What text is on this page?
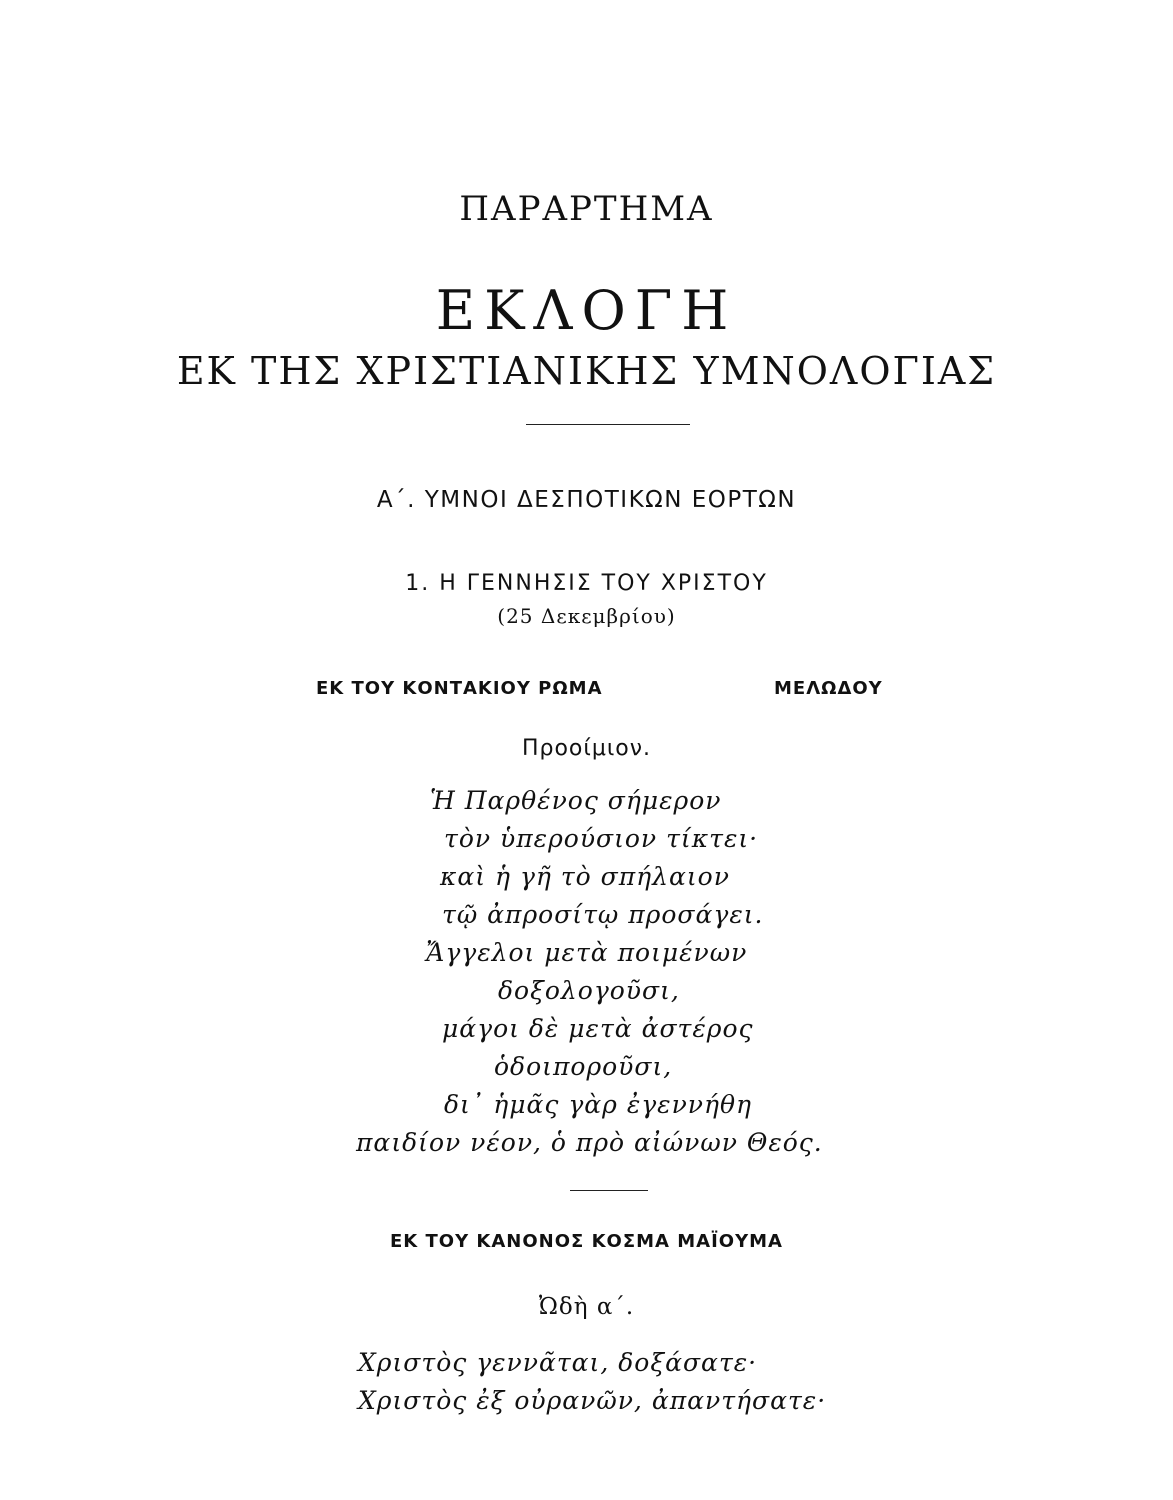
ΠΑΡΑΡΤΗΜΑ

ΕΚΛΟΓΗ

ΕΚ ΤΗΣ ΧΡΙΣΤΙΑΝΙΚΗΣ ΥΜΝΟΛΟΓΙΑΣ

Α΄. ΥΜΝΟΙ ΔΕΣΠΟΤΙΚΩΝ ΕΟΡΤΩΝ

1. Η ΓΕΝΝΗΣΙΣ ΤΟΥ ΧΡΙΣΤΟΥ

(25 Δεκεμβρίου)

ΕΚ ΤΟΥ ΚΟΝΤΑΚΙΟΥ ΡΩΜΑ	ΜΕΛΩΔΟΥ

Προοίμιον.

Ἡ Παρθένος σήμερον

τὸν ὑπερούσιον τίκτει·

καὶ ἡ γῆ τὸ σπήλαιον

τῷ ἀπροσίτῳ προσάγει.

Ἄγγελοι μετὰ ποιμένων

δοξολογοῦσι,

μάγοι δὲ μετὰ ἀστέρος

ὁδοιποροῦσι,

δι᾿ ἡμᾶς γὰρ ἐγεννήθη

παιδίον νέον, ὁ πρὸ αἰώνων Θεός.

ΕΚ ΤΟΥ ΚΑΝΟΝΟΣ ΚΟΣΜΑ ΜΑΪΟΥΜΑ

Ὠδὴ α΄.

Χριστὸς γεννᾶται, δοξάσατε·

Χριστὸς ἐξ οὐρανῶν, ἀπαντήσατε·
